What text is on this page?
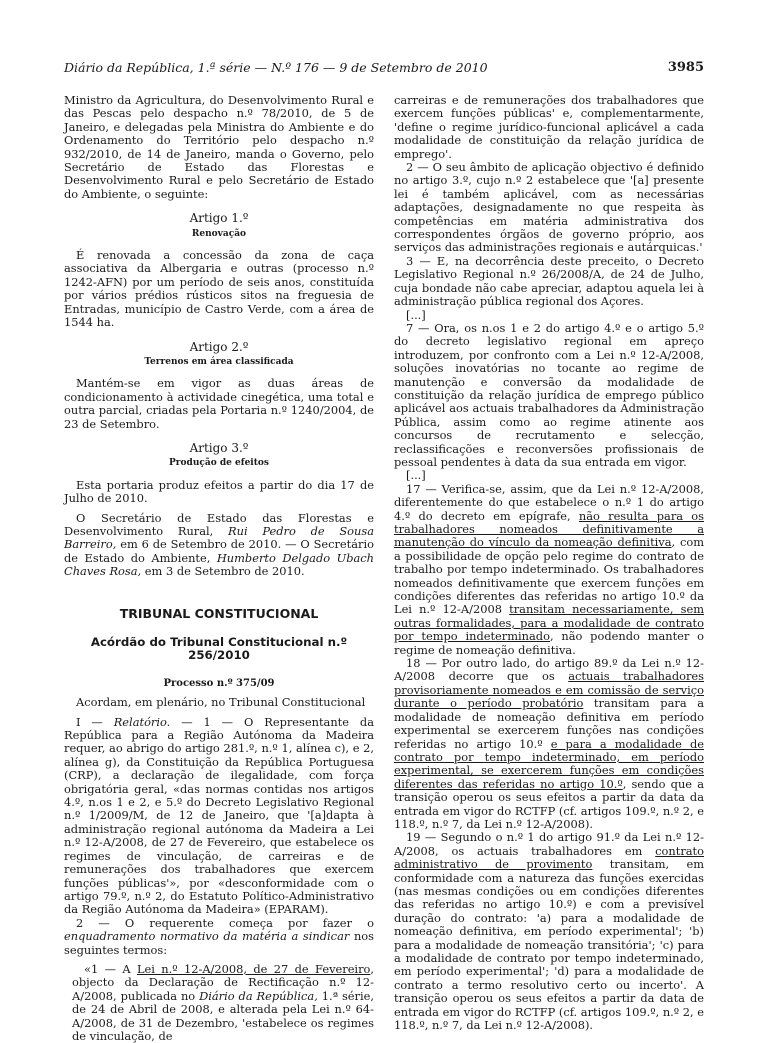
Diário da República, 1.ª série — N.º 176 — 9 de Setembro de 2010	3985

Ministro da Agricultura, do Desenvolvimento Rural e das Pescas pelo despacho n.º 78/2010, de 5 de Janeiro, e delegadas pela Ministra do Ambiente e do Ordenamento do Território pelo despacho n.º 932/2010, de 14 de Janeiro, manda o Governo, pelo Secretário de Estado das Florestas e Desenvolvimento Rural e pelo Secretário de Estado do Ambiente, o seguinte:

Artigo 1.º
Renovação

É renovada a concessão da zona de caça associativa da Albergaria e outras (processo n.º 1242-AFN) por um período de seis anos, constituída por vários prédios rústicos sitos na freguesia de Entradas, município de Castro Verde, com a área de 1544 ha.

Artigo 2.º
Terrenos em área classificada

Mantém-se em vigor as duas áreas de condicionamento à actividade cinegética, uma total e outra parcial, criadas pela Portaria n.º 1240/2004, de 23 de Setembro.

Artigo 3.º
Produção de efeitos

Esta portaria produz efeitos a partir do dia 17 de Julho de 2010.

O Secretário de Estado das Florestas e Desenvolvimento Rural, Rui Pedro de Sousa Barreiro, em 6 de Setembro de 2010. — O Secretário de Estado do Ambiente, Humberto Delgado Ubach Chaves Rosa, em 3 de Setembro de 2010.

TRIBUNAL CONSTITUCIONAL
Acórdão do Tribunal Constitucional n.º 256/2010
Processo n.º 375/09

Acordam, em plenário, no Tribunal Constitucional

I — Relatório. — 1 — O Representante da República para a Região Autónoma da Madeira requer, ao abrigo do artigo 281.º, n.º 1, alínea c), e 2, alínea g), da Constituição da República Portuguesa (CRP), a declaração de ilegalidade, com força obrigatória geral, «das normas contidas nos artigos 4.º, n.os 1 e 2, e 5.º do Decreto Legislativo Regional n.º 1/2009/M, de 12 de Janeiro, que '[a]dapta à administração regional autónoma da Madeira a Lei n.º 12-A/2008, de 27 de Fevereiro, que estabelece os regimes de vinculação, de carreiras e de remunerações dos trabalhadores que exercem funções públicas'», por «desconformidade com o artigo 79.º, n.º 2, do Estatuto Político-Administrativo da Região Autónoma da Madeira» (EPARAM).

2 — O requerente começa por fazer o enquadramento normativo da matéria a sindicar nos seguintes termos:

«1 — A Lei n.º 12-A/2008, de 27 de Fevereiro, objecto da Declaração de Rectificação n.º 12-A/2008, publicada no Diário da República, 1.ª série, de 24 de Abril de 2008, e alterada pela Lei n.º 64-A/2008, de 31 de Dezembro, 'estabelece os regimes de vinculação, de

carreiras e de remunerações dos trabalhadores que exercem funções públicas' e, complementarmente, 'define o regime jurídico-funcional aplicável a cada modalidade de constituição da relação jurídica de emprego'.

2 — O seu âmbito de aplicação objectivo é definido no artigo 3.º, cujo n.º 2 estabelece que '[a] presente lei é também aplicável, com as necessárias adaptações, designadamente no que respeita às competências em matéria administrativa dos correspondentes órgãos de governo próprio, aos serviços das administrações regionais e autárquicas.'

3 — E, na decorrência deste preceito, o Decreto Legislativo Regional n.º 26/2008/A, de 24 de Julho, cuja bondade não cabe apreciar, adaptou aquela lei à administração pública regional dos Açores.

[...]

7 — Ora, os n.os 1 e 2 do artigo 4.º e o artigo 5.º do decreto legislativo regional em apreço introduzem, por confronto com a Lei n.º 12-A/2008, soluções inovatórias no tocante ao regime de manutenção e conversão da modalidade de constituição da relação jurídica de emprego público aplicável aos actuais trabalhadores da Administração Pública, assim como ao regime atinente aos concursos de recrutamento e selecção, reclassificações e reconversões profissionais de pessoal pendentes à data da sua entrada em vigor.

[...]

17 — Verifica-se, assim, que da Lei n.º 12-A/2008, diferentemente do que estabelece o n.º 1 do artigo 4.º do decreto em epígrafe, não resulta para os trabalhadores nomeados definitivamente a manutenção do vínculo da nomeação definitiva, com a possibilidade de opção pelo regime do contrato de trabalho por tempo indeterminado. Os trabalhadores nomeados definitivamente que exercem funções em condições diferentes das referidas no artigo 10.º da Lei n.º 12-A/2008 transitam necessariamente, sem outras formalidades, para a modalidade de contrato por tempo indeterminado, não podendo manter o regime de nomeação definitiva.

18 — Por outro lado, do artigo 89.º da Lei n.º 12-A/2008 decorre que os actuais trabalhadores provisoriamente nomeados e em comissão de serviço durante o período probatório transitam para a modalidade de nomeação definitiva em período experimental se exercerem funções nas condições referidas no artigo 10.º e para a modalidade de contrato por tempo indeterminado, em período experimental, se exercerem funções em condições diferentes das referidas no artigo 10.º, sendo que a transição operou os seus efeitos a partir da data da entrada em vigor do RCTFP (cf. artigos 109.º, n.º 2, e 118.º, n.º 7, da Lei n.º 12-A/2008).

19 — Segundo o n.º 1 do artigo 91.º da Lei n.º 12-A/2008, os actuais trabalhadores em contrato administrativo de provimento transitam, em conformidade com a natureza das funções exercidas (nas mesmas condições ou em condições diferentes das referidas no artigo 10.º) e com a previsível duração do contrato: 'a) para a modalidade de nomeação definitiva, em período experimental'; 'b) para a modalidade de nomeação transitória'; 'c) para a modalidade de contrato por tempo indeterminado, em período experimental'; 'd) para a modalidade de contrato a termo resolutivo certo ou incerto'. A transição operou os seus efeitos a partir da data de entrada em vigor do RCTFP (cf. artigos 109.º, n.º 2, e 118.º, n.º 7, da Lei n.º 12-A/2008).
